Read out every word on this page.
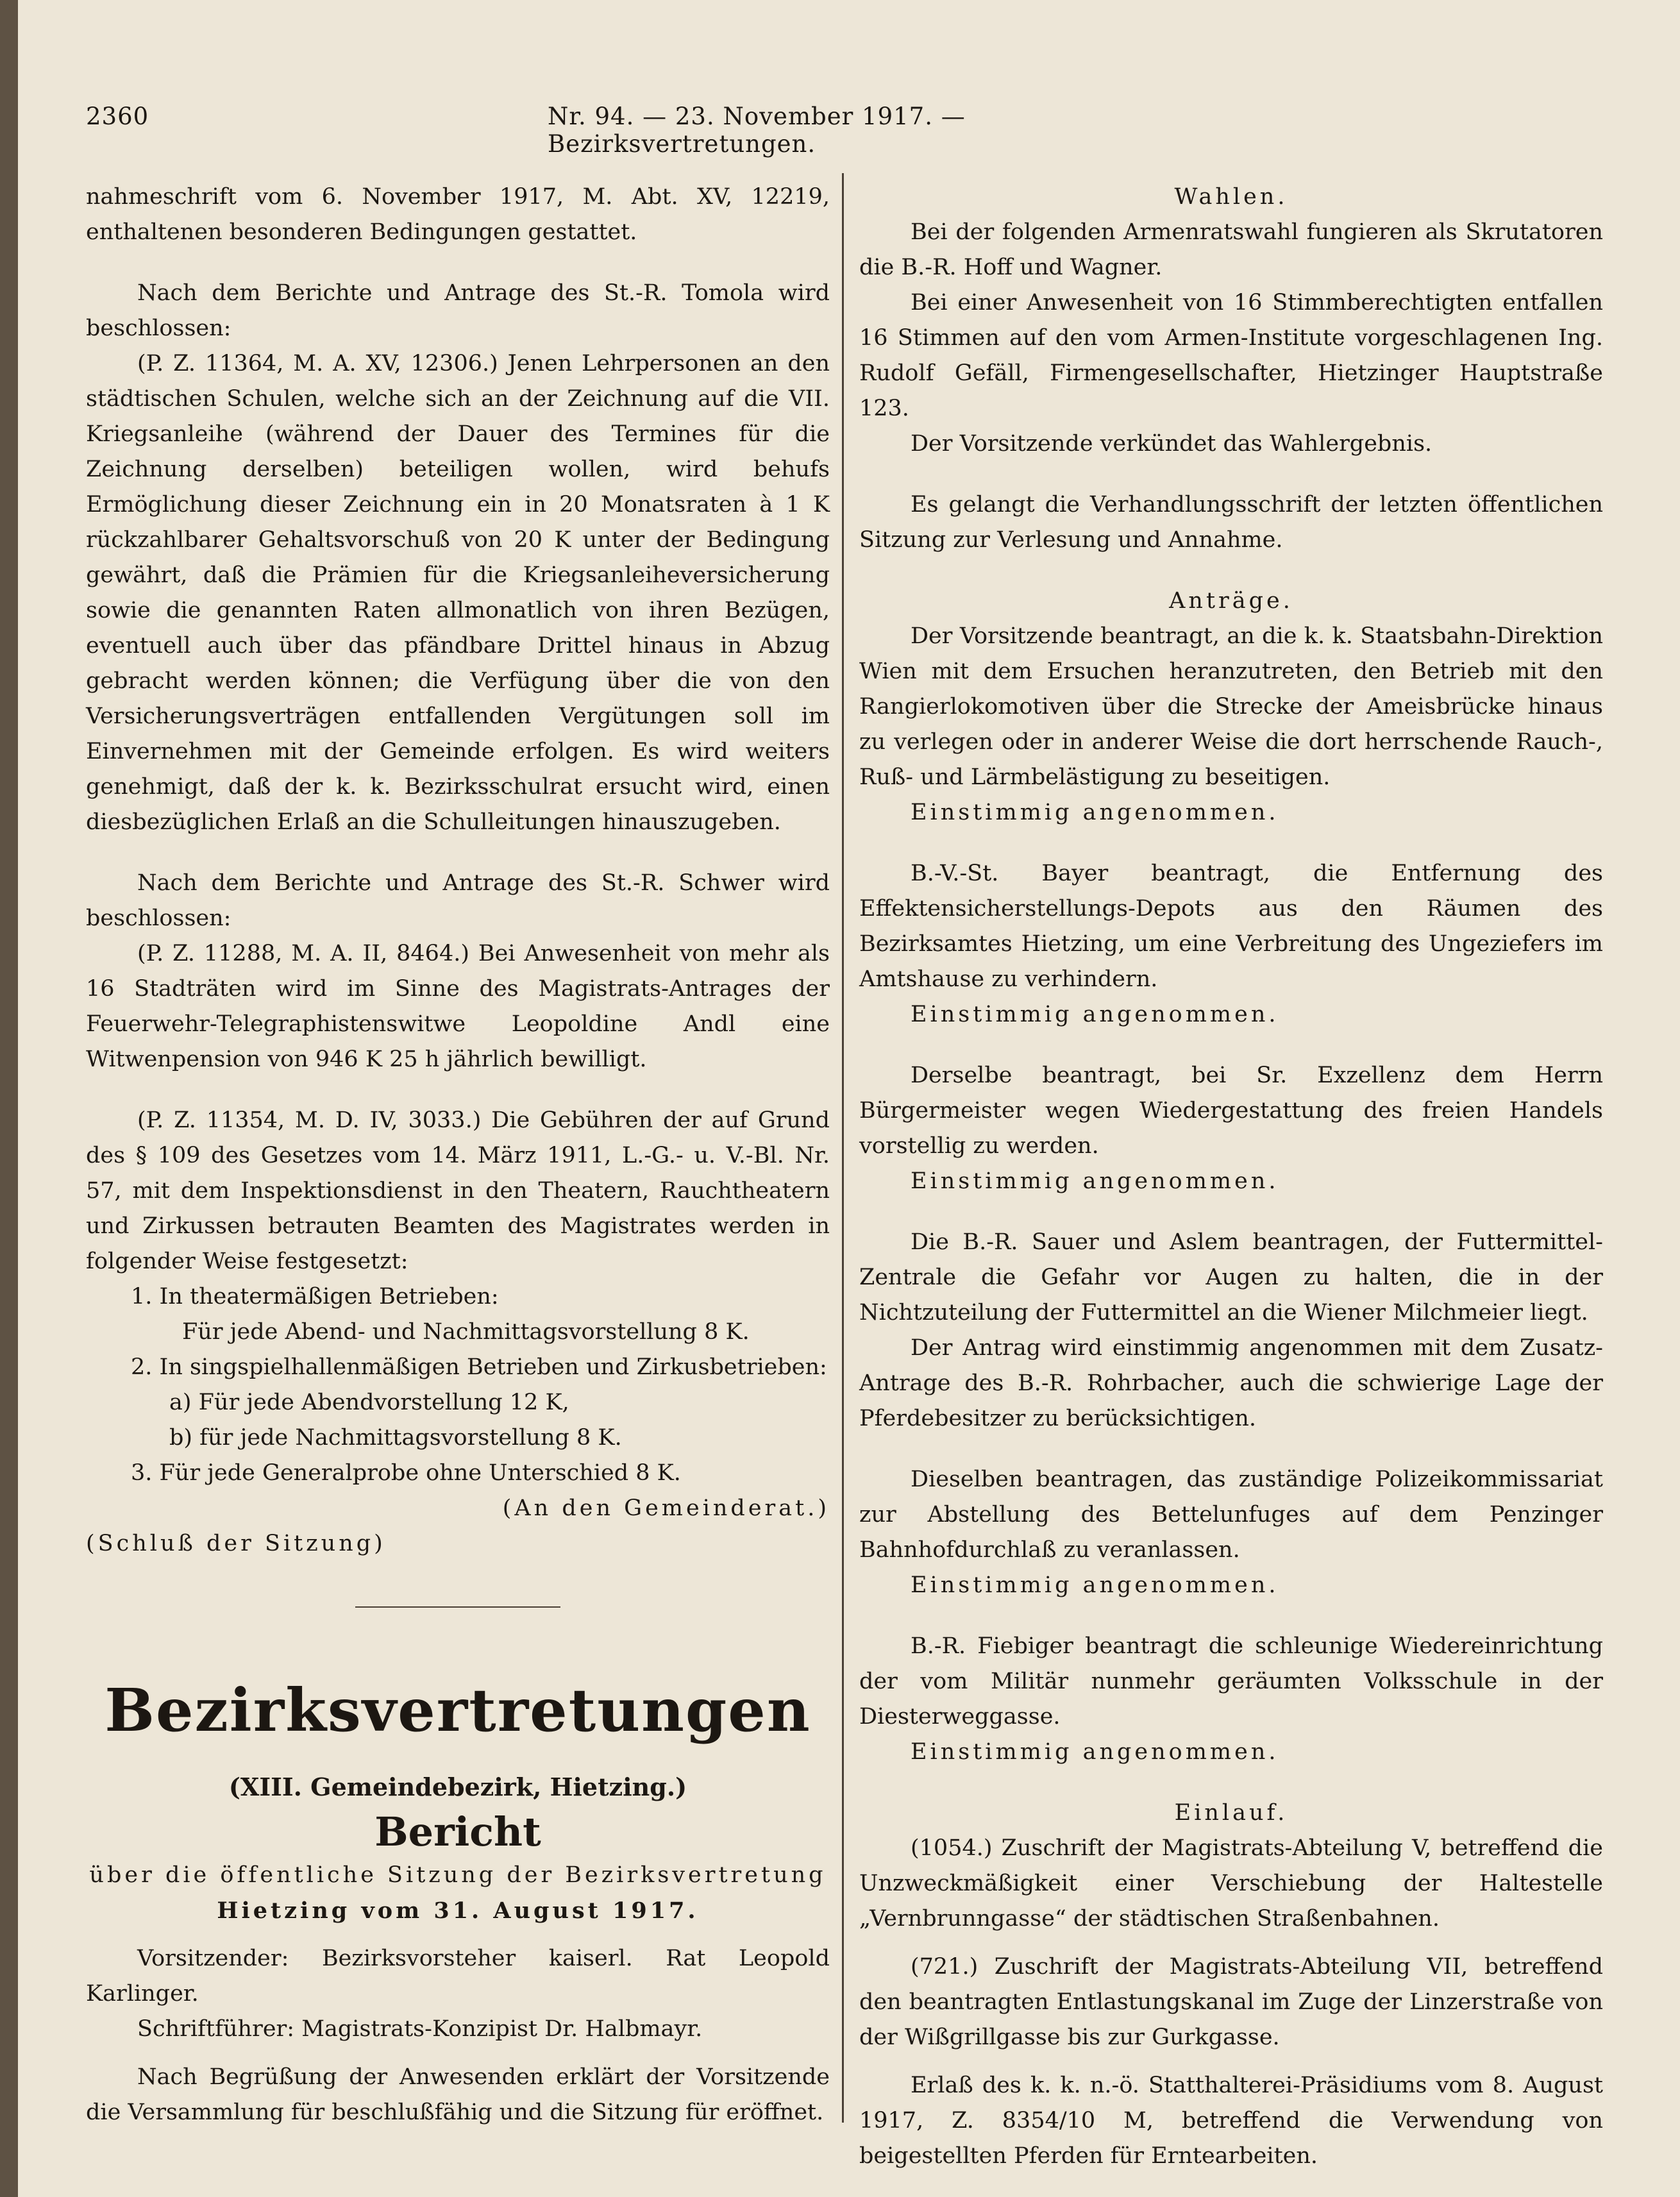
2360	Nr. 94. — 23. November 1917. — Bezirksvertretungen.

nahmeschrift vom 6. November 1917, M. Abt. XV, 12219, enthaltenen besonderen Bedingungen gestattet.

Nach dem Berichte und Antrage des St.-R. Tomola wird beschlossen:

(P. Z. 11364, M. A. XV, 12306.) Jenen Lehrpersonen an den städtischen Schulen, welche sich an der Zeichnung auf die VII. Kriegsanleihe (während der Dauer des Termines für die Zeichnung derselben) beteiligen wollen, wird behufs Ermöglichung dieser Zeichnung ein in 20 Monatsraten à 1 K rückzahlbarer Gehaltsvorschuß von 20 K unter der Bedingung gewährt, daß die Prämien für die Kriegsanleiheversicherung sowie die genannten Raten allmonatlich von ihren Bezügen, eventuell auch über das pfändbare Drittel hinaus in Abzug gebracht werden können; die Verfügung über die von den Versicherungsverträgen entfallenden Vergütungen soll im Einvernehmen mit der Gemeinde erfolgen. Es wird weiters genehmigt, daß der k. k. Bezirksschulrat ersucht wird, einen diesbezüglichen Erlaß an die Schulleitungen hinauszugeben.

Nach dem Berichte und Antrage des St.-R. Schwer wird beschlossen:

(P. Z. 11288, M. A. II, 8464.) Bei Anwesenheit von mehr als 16 Stadträten wird im Sinne des Magistrats-Antrages der Feuerwehr-Telegraphistenswitwe Leopoldine Andl eine Witwenpension von 946 K 25 h jährlich bewilligt.

(P. Z. 11354, M. D. IV, 3033.) Die Gebühren der auf Grund des § 109 des Gesetzes vom 14. März 1911, L.-G.- u. V.-Bl. Nr. 57, mit dem Inspektionsdienst in den Theatern, Rauchtheatern und Zirkussen betrauten Beamten des Magistrates werden in folgender Weise festgesetzt:

1. In theatermäßigen Betrieben:

Für jede Abend- und Nachmittagsvorstellung 8 K.

2. In singspielhallenmäßigen Betrieben und Zirkusbetrieben:

a) Für jede Abendvorstellung 12 K,

b) für jede Nachmittagsvorstellung 8 K.

3. Für jede Generalprobe ohne Unterschied 8 K.

(An den Gemeinderat.)

(Schluß der Sitzung)

Bezirksvertretungen
(XIII. Gemeindebezirk, Hietzing.)
Bericht

über die öffentliche Sitzung der Bezirksvertretung

Hietzing vom 31. August 1917.

Vorsitzender: Bezirksvorsteher kaiserl. Rat Leopold Karlinger.

Schriftführer: Magistrats-Konzipist Dr. Halbmayr.

Nach Begrüßung der Anwesenden erklärt der Vorsitzende die Versammlung für beschlußfähig und die Sitzung für eröffnet.

Wahlen.

Bei der folgenden Armenratswahl fungieren als Skrutatoren die B.-R. Hoff und Wagner.

Bei einer Anwesenheit von 16 Stimmberechtigten entfallen 16 Stimmen auf den vom Armen-Institute vorgeschlagenen Ing. Rudolf Gefäll, Firmengesellschafter, Hietzinger Hauptstraße 123.

Der Vorsitzende verkündet das Wahlergebnis.

Es gelangt die Verhandlungsschrift der letzten öffentlichen Sitzung zur Verlesung und Annahme.

Anträge.

Der Vorsitzende beantragt, an die k. k. Staatsbahn-Direktion Wien mit dem Ersuchen heranzutreten, den Betrieb mit den Rangierlokomotiven über die Strecke der Ameisbrücke hinaus zu verlegen oder in anderer Weise die dort herrschende Rauch-, Ruß- und Lärmbelästigung zu beseitigen.

Einstimmig angenommen.

B.-V.-St. Bayer beantragt, die Entfernung des Effektensicherstellungs-Depots aus den Räumen des Bezirksamtes Hietzing, um eine Verbreitung des Ungeziefers im Amtshause zu verhindern.

Einstimmig angenommen.

Derselbe beantragt, bei Sr. Exzellenz dem Herrn Bürgermeister wegen Wiedergestattung des freien Handels vorstellig zu werden.

Einstimmig angenommen.

Die B.-R. Sauer und Aslem beantragen, der Futtermittel-Zentrale die Gefahr vor Augen zu halten, die in der Nichtzuteilung der Futtermittel an die Wiener Milchmeier liegt.

Der Antrag wird einstimmig angenommen mit dem Zusatz-Antrage des B.-R. Rohrbacher, auch die schwierige Lage der Pferdebesitzer zu berücksichtigen.

Dieselben beantragen, das zuständige Polizeikommissariat zur Abstellung des Bettelunfuges auf dem Penzinger Bahnhofdurchlaß zu veranlassen.

Einstimmig angenommen.

B.-R. Fiebiger beantragt die schleunige Wiedereinrichtung der vom Militär nunmehr geräumten Volksschule in der Diesterweggasse.

Einstimmig angenommen.

Einlauf.

(1054.) Zuschrift der Magistrats-Abteilung V, betreffend die Unzweckmäßigkeit einer Verschiebung der Haltestelle „Vernbrunngasse“ der städtischen Straßenbahnen.

(721.) Zuschrift der Magistrats-Abteilung VII, betreffend den beantragten Entlastungskanal im Zuge der Linzerstraße von der Wißgrillgasse bis zur Gurkgasse.

Erlaß des k. k. n.-ö. Statthalterei-Präsidiums vom 8. August 1917, Z. 8354/10 M, betreffend die Verwendung von beigestellten Pferden für Erntearbeiten.
